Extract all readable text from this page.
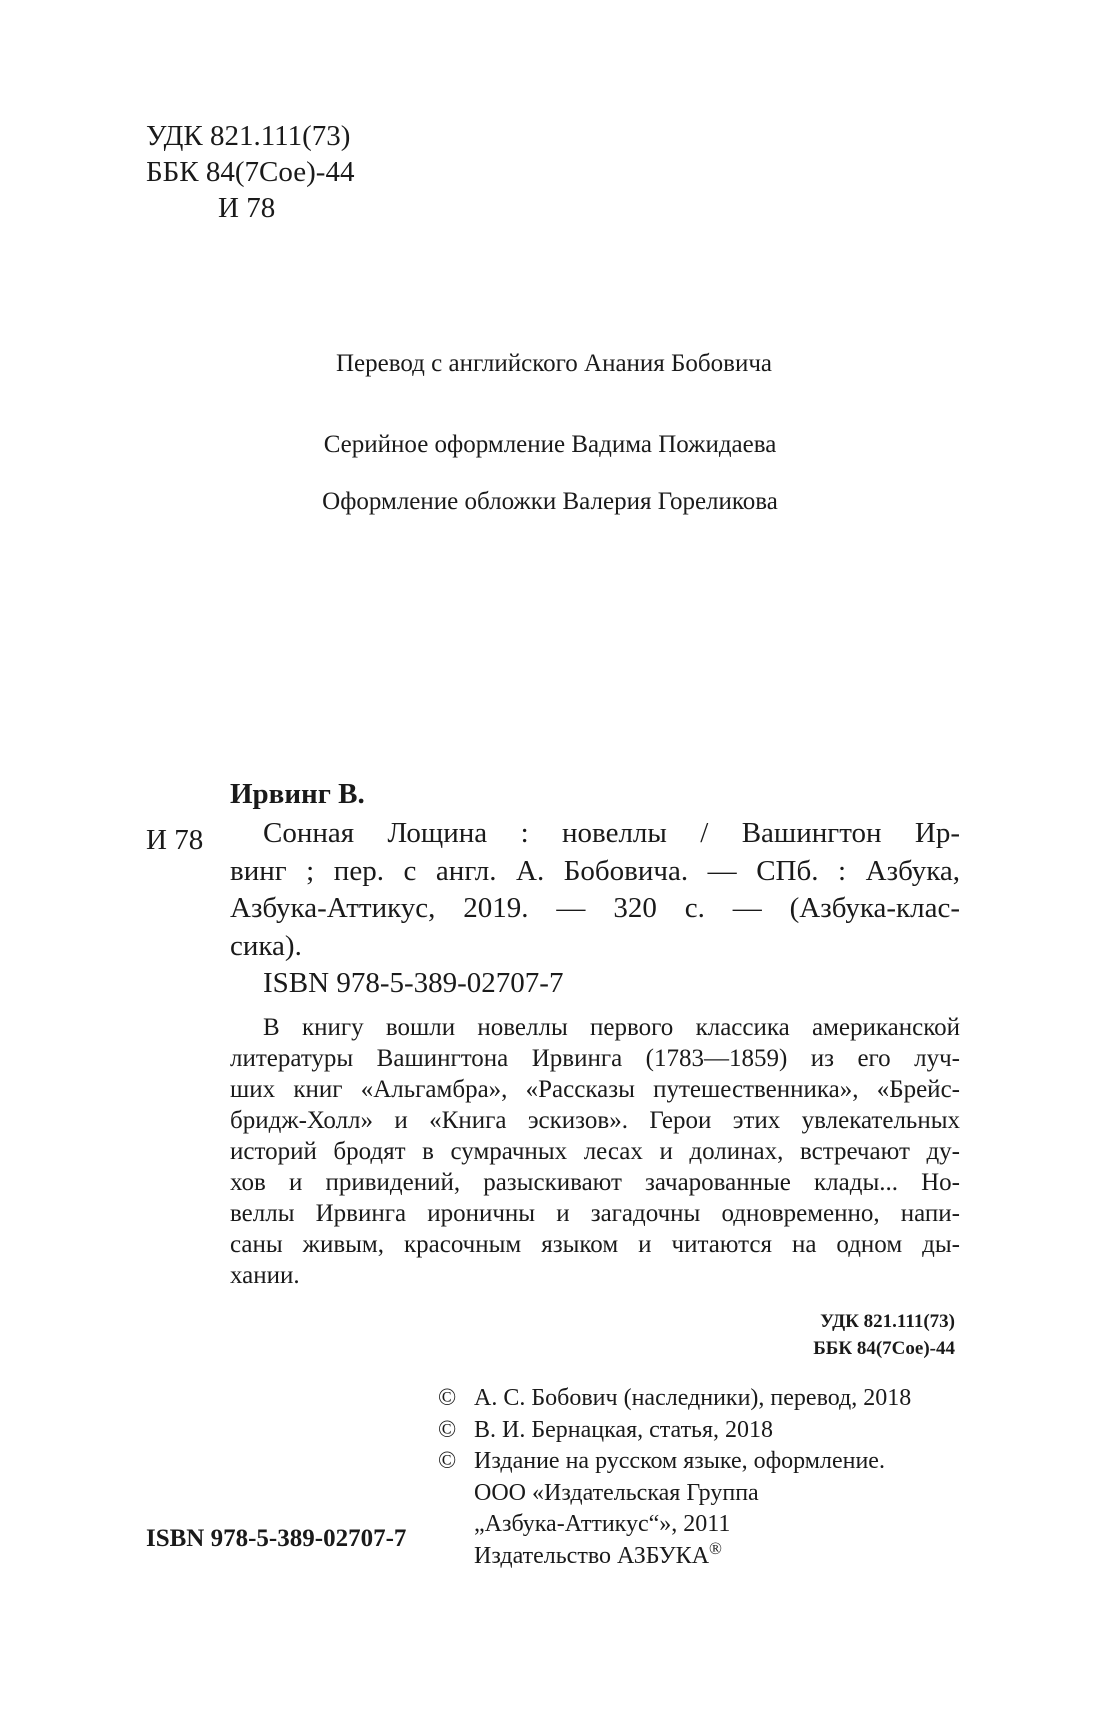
УДК 821.111(73)
ББК 84(7Сое)-44
И 78
Перевод с английского Анания Бобовича
Серийное оформление Вадима Пожидаева
Оформление обложки Валерия Гореликова
Ирвинг В.
И 78	Сонная Лощина : новеллы / Вашингтон Ир-
винг ; пер. с англ. А. Бобовича. — СПб. : Азбука,
Азбука-Аттикус, 2019. — 320 с. — (Азбука-клас-
сика).
ISBN 978-5-389-02707-7
В книгу вошли новеллы первого классика американской
литературы Вашингтона Ирвинга (1783—1859) из его луч-
ших книг «Альгамбра», «Рассказы путешественника», «Брейс-
бридж-Холл» и «Книга эскизов». Герои этих увлекательных
историй бродят в сумрачных лесах и долинах, встречают ду-
хов и привидений, разыскивают зачарованные клады... Но-
веллы Ирвинга ироничны и загадочны одновременно, напи-
саны живым, красочным языком и читаются на одном ды-
хании.
УДК 821.111(73)
ББК 84(7Сое)-44
© А. С. Бобович (наследники), перевод, 2018
© В. И. Бернацкая, статья, 2018
© Издание на русском языке, оформление.
ООО «Издательская Группа
„Азбука-Аттикус“», 2011
Издательство АЗБУКА®
ISBN 978-5-389-02707-7
